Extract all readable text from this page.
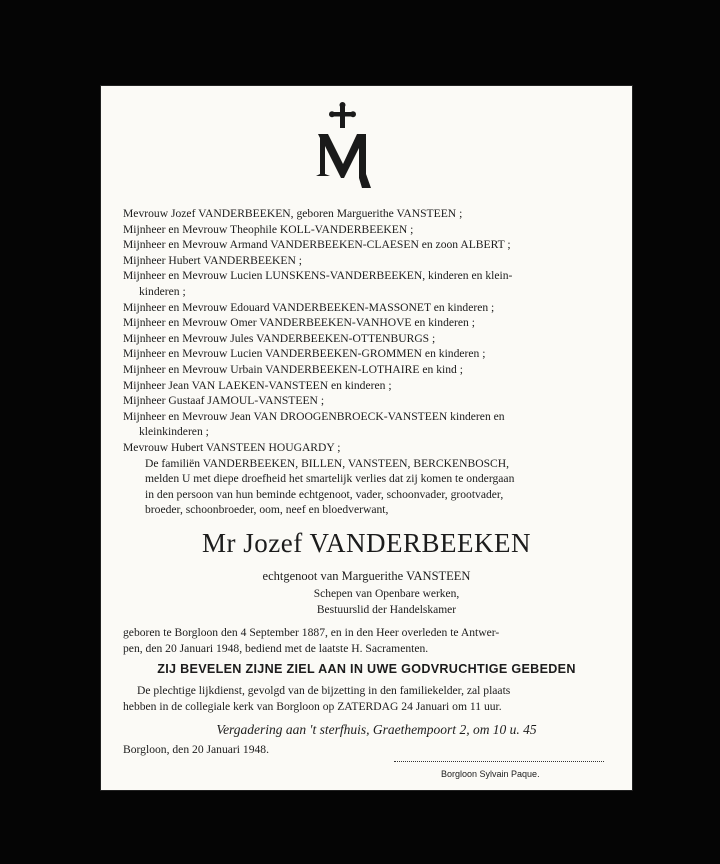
Mevrouw Jozef VANDERBEEKEN, geboren Marguerithe VANSTEEN ;
Mijnheer en Mevrouw Theophile KOLL-VANDERBEEKEN ;
Mijnheer en Mevrouw Armand VANDERBEEKEN-CLAESEN en zoon ALBERT ;
Mijnheer Hubert VANDERBEEKEN ;
Mijnheer en Mevrouw Lucien LUNSKENS-VANDERBEEKEN, kinderen en klein-
kinderen ;
Mijnheer en Mevrouw Edouard VANDERBEEKEN-MASSONET en kinderen ;
Mijnheer en Mevrouw Omer VANDERBEEKEN-VANHOVE en kinderen ;
Mijnheer en Mevrouw Jules VANDERBEEKEN-OTTENBURGS ;
Mijnheer en Mevrouw Lucien VANDERBEEKEN-GROMMEN en kinderen ;
Mijnheer en Mevrouw Urbain VANDERBEEKEN-LOTHAIRE en kind ;
Mijnheer Jean VAN LAEKEN-VANSTEEN en kinderen ;
Mijnheer Gustaaf JAMOUL-VANSTEEN ;
Mijnheer en Mevrouw Jean VAN DROOGENBROECK-VANSTEEN kinderen en
kleinkinderen ;
Mevrouw Hubert VANSTEEN HOUGARDY ;
De familiën VANDERBEEKEN, BILLEN, VANSTEEN, BERCKENBOSCH,
melden U met diepe droefheid het smartelijk verlies dat zij komen te ondergaan
in den persoon van hun beminde echtgenoot, vader, schoonvader, grootvader,
broeder, schoonbroeder, oom, neef en bloedverwant,
Mr Jozef VANDERBEEKEN
echtgenoot van Marguerithe VANSTEEN
Schepen van Openbare werken,
Bestuurslid der Handelskamer
geboren te Borgloon den 4 September 1887, en in den Heer overleden te Antwer-
pen, den 20 Januari 1948, bediend met de laatste H. Sacramenten.
ZIJ BEVELEN ZIJNE ZIEL AAN IN UWE GODVRUCHTIGE GEBEDEN
De plechtige lijkdienst, gevolgd van de bijzetting in den familiekelder, zal plaats
hebben in de collegiale kerk van Borgloon op ZATERDAG 24 Januari om 11 uur.
Vergadering aan 't sterfhuis, Graethempoort 2, om 10 u. 45
Borgloon, den 20 Januari 1948.
Borgloon Sylvain Paque.
